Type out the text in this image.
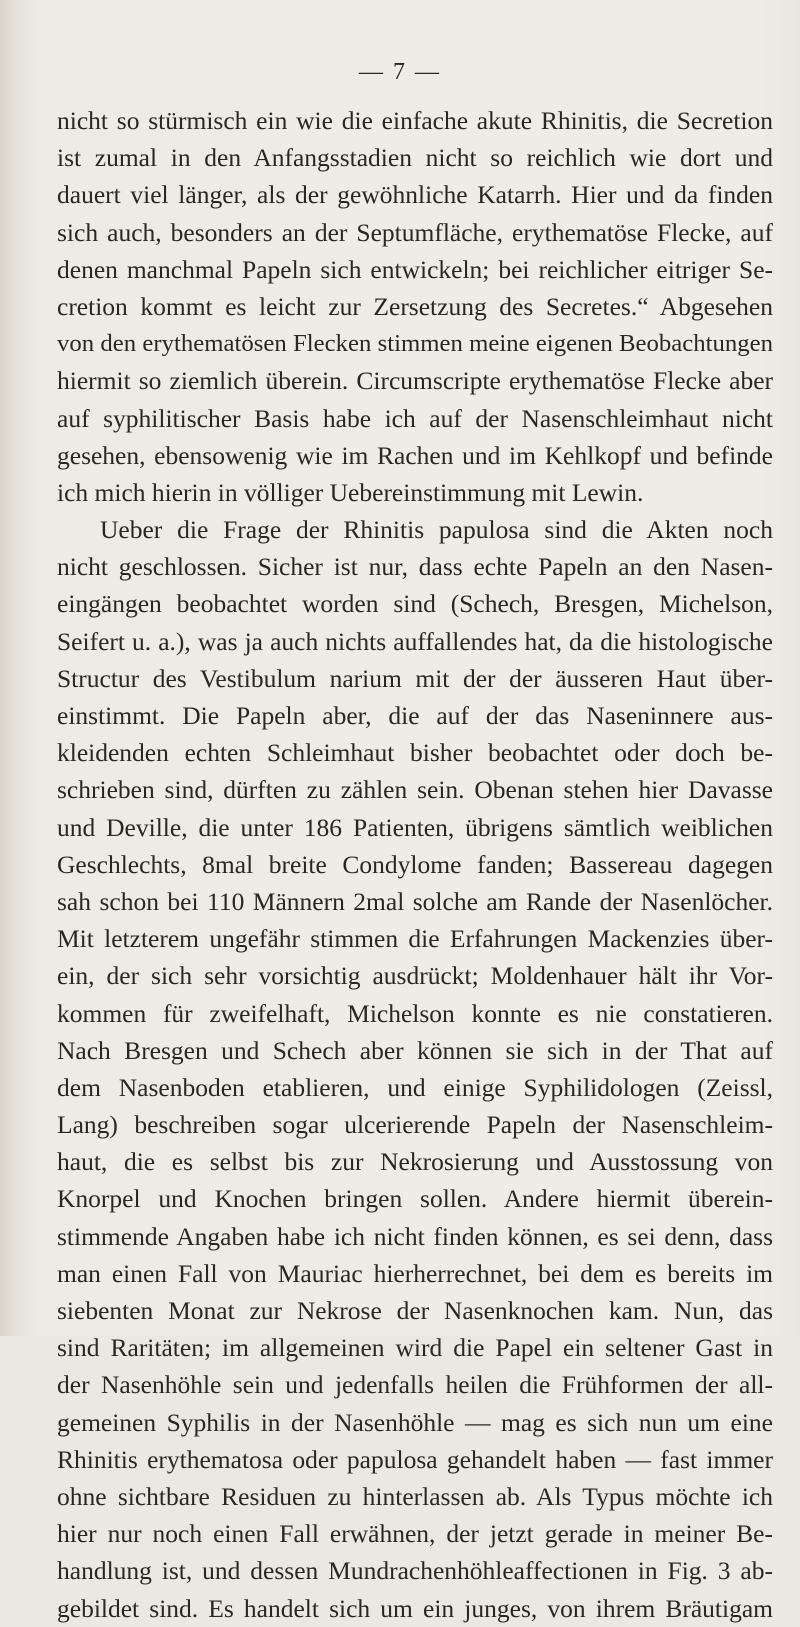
— 7 —
nicht so stürmisch ein wie die einfache akute Rhinitis, die Secretion
ist zumal in den Anfangsstadien nicht so reichlich wie dort und
dauert viel länger, als der gewöhnliche Katarrh. Hier und da finden
sich auch, besonders an der Septumfläche, erythematöse Flecke, auf
denen manchmal Papeln sich entwickeln; bei reichlicher eitriger Se-
cretion kommt es leicht zur Zersetzung des Secretes.“ Abgesehen
von den erythematösen Flecken stimmen meine eigenen Beobachtungen
hiermit so ziemlich überein. Circumscripte erythematöse Flecke aber
auf syphilitischer Basis habe ich auf der Nasenschleimhaut nicht
gesehen, ebensowenig wie im Rachen und im Kehlkopf und befinde
ich mich hierin in völliger Uebereinstimmung mit Lewin.
Ueber die Frage der Rhinitis papulosa sind die Akten noch
nicht geschlossen. Sicher ist nur, dass echte Papeln an den Nasen-
eingängen beobachtet worden sind (Schech, Bresgen, Michelson,
Seifert u. a.), was ja auch nichts auffallendes hat, da die histologische
Structur des Vestibulum narium mit der der äusseren Haut über-
einstimmt. Die Papeln aber, die auf der das Naseninnere aus-
kleidenden echten Schleimhaut bisher beobachtet oder doch be-
schrieben sind, dürften zu zählen sein. Obenan stehen hier Davasse
und Deville, die unter 186 Patienten, übrigens sämtlich weiblichen
Geschlechts, 8mal breite Condylome fanden; Bassereau dagegen
sah schon bei 110 Männern 2mal solche am Rande der Nasenlöcher.
Mit letzterem ungefähr stimmen die Erfahrungen Mackenzies über-
ein, der sich sehr vorsichtig ausdrückt; Moldenhauer hält ihr Vor-
kommen für zweifelhaft, Michelson konnte es nie constatieren.
Nach Bresgen und Schech aber können sie sich in der That auf
dem Nasenboden etablieren, und einige Syphilidologen (Zeissl,
Lang) beschreiben sogar ulcerierende Papeln der Nasenschleim-
haut, die es selbst bis zur Nekrosierung und Ausstossung von
Knorpel und Knochen bringen sollen. Andere hiermit überein-
stimmende Angaben habe ich nicht finden können, es sei denn, dass
man einen Fall von Mauriac hierherrechnet, bei dem es bereits im
siebenten Monat zur Nekrose der Nasenknochen kam. Nun, das
sind Raritäten; im allgemeinen wird die Papel ein seltener Gast in
der Nasenhöhle sein und jedenfalls heilen die Frühformen der all-
gemeinen Syphilis in der Nasenhöhle — mag es sich nun um eine
Rhinitis erythematosa oder papulosa gehandelt haben — fast immer
ohne sichtbare Residuen zu hinterlassen ab. Als Typus möchte ich
hier nur noch einen Fall erwähnen, der jetzt gerade in meiner Be-
handlung ist, und dessen Mundrachenhöhleaffectionen in Fig. 3 ab-
gebildet sind. Es handelt sich um ein junges, von ihrem Bräutigam
